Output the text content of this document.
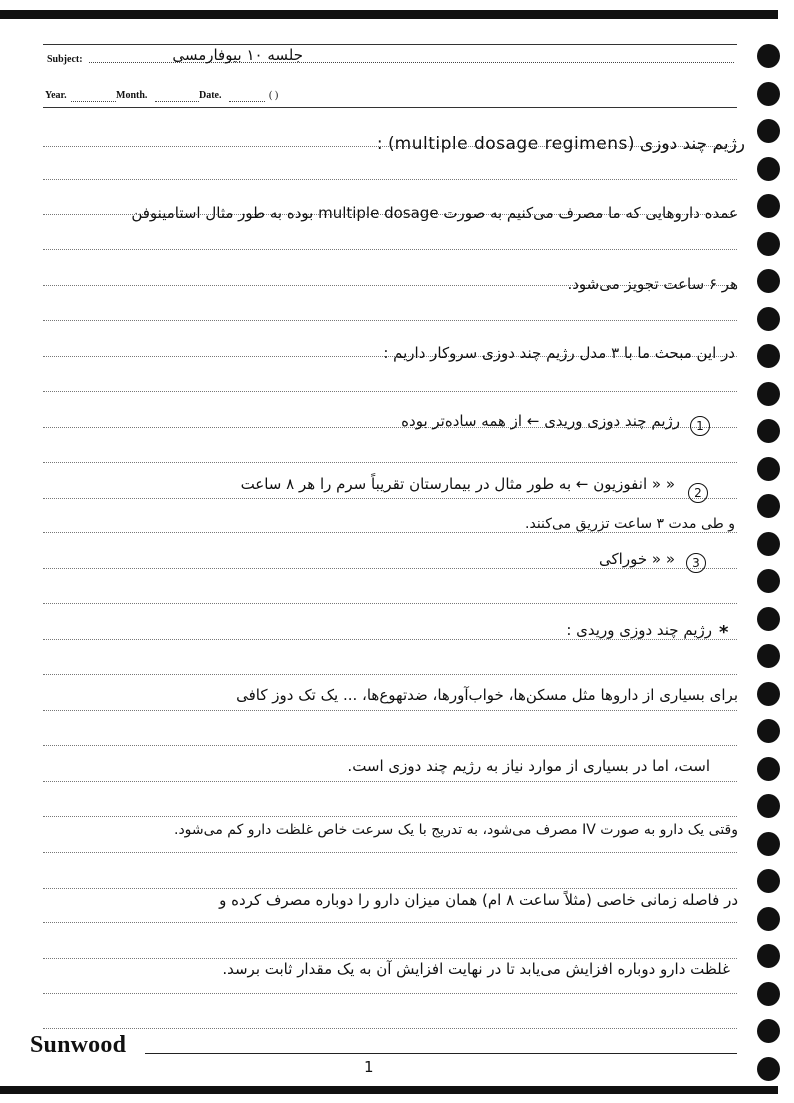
Subject:	جلسه ۱۰ بیوفارمسی
Year.	Month.	Date.	( )
رژیم چند دوزی (multiple dosage regimens) :
عمده داروهایی که ما مصرف می‌کنیم به صورت multiple dosage بوده به طور مثال استامینوفن
هر ۶ ساعت تجویز می‌شود.
در این مبحث ما با ۳ مدل رژیم چند دوزی سروکار داریم :
1
رژیم چند دوزی وریدی ← از همه ساده‌تر بوده
2
« « انفوزیون ← به طور مثال در بیمارستان تقریباً سرم را هر ۸ ساعت
و طی مدت ۳ ساعت تزریق می‌کنند.
3
« « خوراکی
*
رژیم چند دوزی وریدی :
برای بسیاری از داروها مثل مسکن‌ها، خواب‌آورها، ضدتهوع‌ها، ... یک تک دوز کافی
است، اما در بسیاری از موارد نیاز به رژیم چند دوزی است.
وقتی یک دارو به صورت IV مصرف می‌شود، به تدریج با یک سرعت خاص غلظت دارو کم می‌شود.
در فاصله زمانی خاصی (مثلاً ساعت ۸ ام) همان میزان دارو را دوباره مصرف کرده و
غلظت دارو دوباره افزایش می‌یابد تا در نهایت افزایش آن به یک مقدار ثابت برسد.
Sunwood
1
